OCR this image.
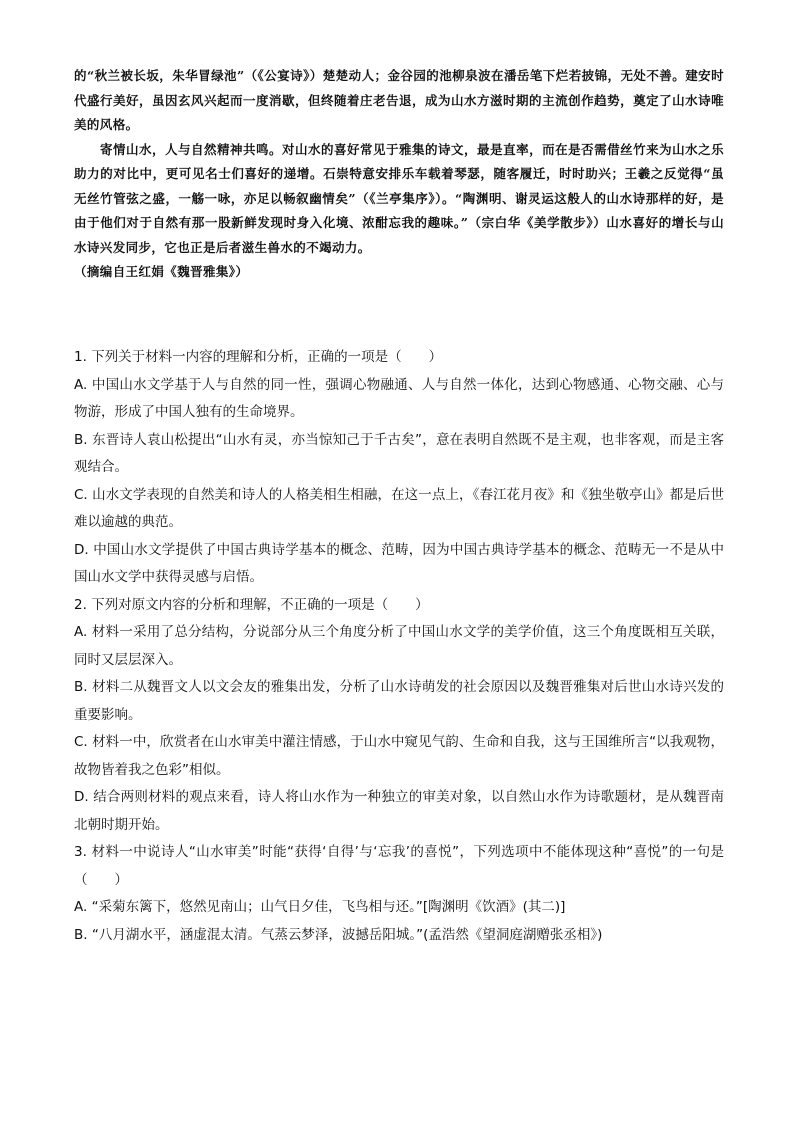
的“秋兰被长坂，朱华冒绿池”（《公宴诗》）楚楚动人；金谷园的池柳泉波在潘岳笔下烂若披锦，无处不善。建安时代盛行美好，虽因玄风兴起而一度消歇，但终随着庄老告退，成为山水方滋时期的主流创作趋势，奠定了山水诗唯美的风格。

寄情山水，人与自然精神共鸣。对山水的喜好常见于雅集的诗文，最是直率，而在是否需借丝竹来为山水之乐助力的对比中，更可见名士们喜好的递增。石崇特意安排乐车载着琴瑟，随客履迁，时时助兴；王羲之反觉得“虽无丝竹管弦之盛，一觞一咏，亦足以畅叙幽情矣”（《兰亭集序》）。“陶渊明、谢灵运这般人的山水诗那样的好，是由于他们对于自然有那一股新鲜发现时身入化境、浓酣忘我的趣味。”（宗白华《美学散步》）山水喜好的增长与山水诗兴发同步，它也正是后者滋生兽水的不竭动力。

（摘编自王红娟《魏晋雅集》）

1. 下列关于材料一内容的理解和分析，正确的一项是（　　）

A. 中国山水文学基于人与自然的同一性，强调心物融通、人与自然一体化，达到心物感通、心物交融、心与物游，形成了中国人独有的生命境界。

B. 东晋诗人袁山松提出“山水有灵，亦当惊知己于千古矣”，意在表明自然既不是主观，也非客观，而是主客观结合。

C. 山水文学表现的自然美和诗人的人格美相生相融，在这一点上，《春江花月夜》和《独坐敬亭山》都是后世难以逾越的典范。

D. 中国山水文学提供了中国古典诗学基本的概念、范畴，因为中国古典诗学基本的概念、范畴无一不是从中国山水文学中获得灵感与启悟。

2. 下列对原文内容的分析和理解，不正确的一项是（　　）

A. 材料一采用了总分结构，分说部分从三个角度分析了中国山水文学的美学价值，这三个角度既相互关联，同时又层层深入。

B. 材料二从魏晋文人以文会友的雅集出发，分析了山水诗萌发的社会原因以及魏晋雅集对后世山水诗兴发的重要影响。

C. 材料一中，欣赏者在山水审美中灌注情感，于山水中窥见气韵、生命和自我，这与王国维所言“以我观物，故物皆着我之色彩”相似。

D. 结合两则材料的观点来看，诗人将山水作为一种独立的审美对象，以自然山水作为诗歌题材，是从魏晋南北朝时期开始。

3. 材料一中说诗人“山水审美”时能“获得‘自得’与‘忘我’的喜悦”，下列选项中不能体现这种“喜悦”的一句是（　　）

A. “采菊东篱下，悠然见南山；山气日夕佳，飞鸟相与还。”[陶渊明《饮酒》(其二)]

B. “八月湖水平，涵虚混太清。气蒸云梦泽，波撼岳阳城。”(孟浩然《望洞庭湖赠张丞相》)
